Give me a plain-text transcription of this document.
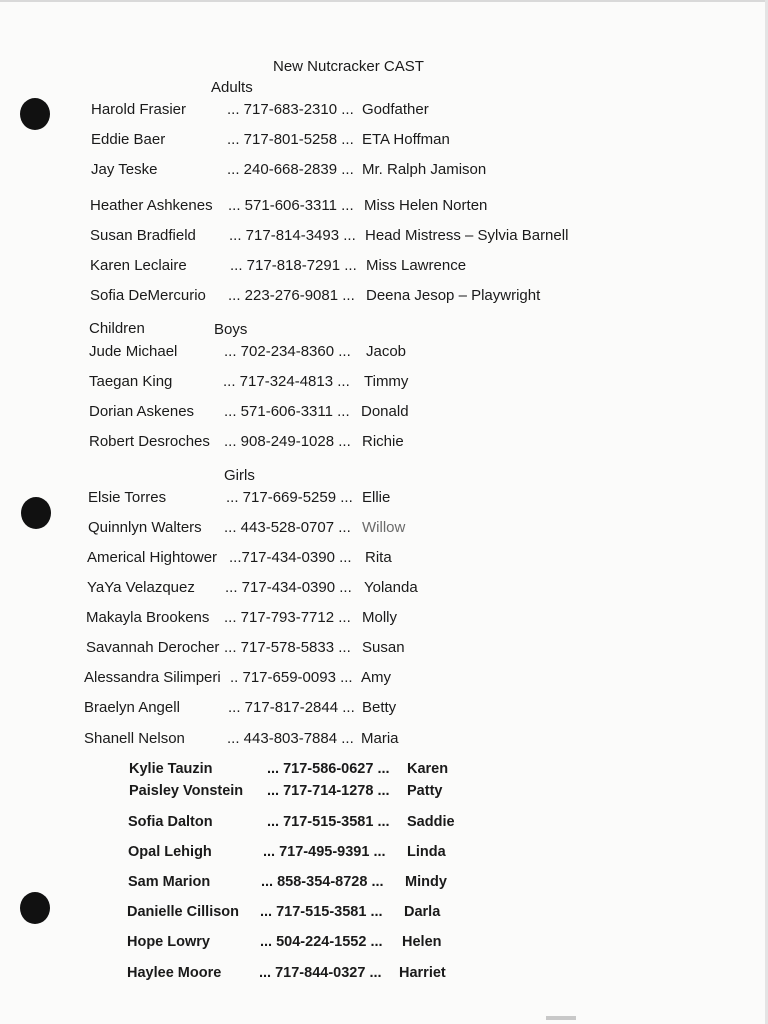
New Nutcracker CAST
Adults
Harold Frasier	... 717-683-2310 ... Godfather
Eddie Baer	... 717-801-5258 ... ETA Hoffman
Jay Teske	... 240-668-2839 ... Mr. Ralph Jamison
Heather Ashkenes ... 571-606-3311 ... Miss Helen Norten
Susan Bradfield ... 717-814-3493 ... Head Mistress – Sylvia Barnell
Karen Leclaire	... 717-818-7291 ... Miss Lawrence
Sofia DeMercurio ... 223-276-9081 ... Deena Jesop – Playwright
Children	Boys
Jude Michael	... 702-234-8360 ... Jacob
Taegan King	... 717-324-4813 ... Timmy
Dorian Askenes ... 571-606-3311 ... Donald
Robert Desroches ... 908-249-1028 ... Richie
Girls
Elsie Torres	... 717-669-5259 ... Ellie
Quinnlyn Walters ... 443-528-0707 ... Willow
Americal Hightower ...717-434-0390 ... Rita
YaYa Velazquez ... 717-434-0390 ... Yolanda
Makayla Brookens ... 717-793-7712 ... Molly
Savannah Derocher ... 717-578-5833 ... Susan
Alessandra Silimperi .. 717-659-0093 ... Amy
Braelyn Angell	... 717-817-2844 ... Betty
Shanell Nelson	... 443-803-7884 ... Maria
Kylie Tauzin	... 717-586-0627 ... Karen
Paisley Vonstein ... 717-714-1278 ... Patty
Sofia Dalton	... 717-515-3581 ... Saddie
Opal Lehigh	... 717-495-9391 ... Linda
Sam Marion	... 858-354-8728 ... Mindy
Danielle Cillison ... 717-515-3581 ... Darla
Hope Lowry	... 504-224-1552 ... Helen
Haylee Moore	... 717-844-0327 ... Harriet
